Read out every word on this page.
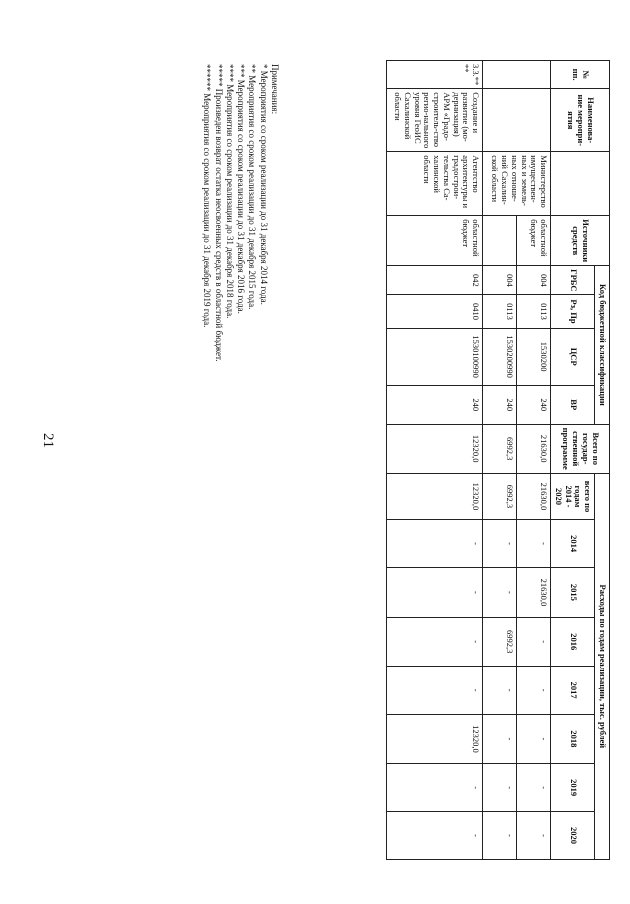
21
№ пп.	Наименова-ние меропри-ятия		Источники средств	Код бюджетной классификации				Всего по государ-ственной программе	Расходы по годам реализации, тыс. рублей							
				ГРБС	Рз, Пр	ЦСР	ВР		всего по годам 2014 - 2020	2014	2015	2016	2017	2018	2019	2020

		Министерство имуществен-ных и земель-ных отноше-ний Сахалин-ской области	областной бюджет	004	0113	1530200	240	21630,0	21630,0	-	21630,0	-	-	-	-	-
				004	0113	1530200990	240	6992,3	6992,3	-	-	6992,3	-	-	-	-
3.3.** **	Создание и развитие (мо-дернизация) АРМ «Градо-строитель-ство регио-нального уровня ГеоИС Сахалинской области	Агентство архитектуры и градострои-тельства Са-халинской области	областной бюджет	042	0410	1530100990	240	12320,0	12320,0	-	-	-	-	12320,0	-	-
Примечания:
* Мероприятия со сроком реализации до 31 декабря 2014 года.
** Мероприятия со сроком реализации до 31 декабря 2015 года.
*** Мероприятия со сроком реализации до 31 декабря 2016 года.
**** Мероприятия со сроком реализации до 31 декабря 2018 года.
***** Произведен возврат остатка неосвоенных средств в областной бюджет.
****** Мероприятия со сроком реализации до 31 декабря 2019 года.
